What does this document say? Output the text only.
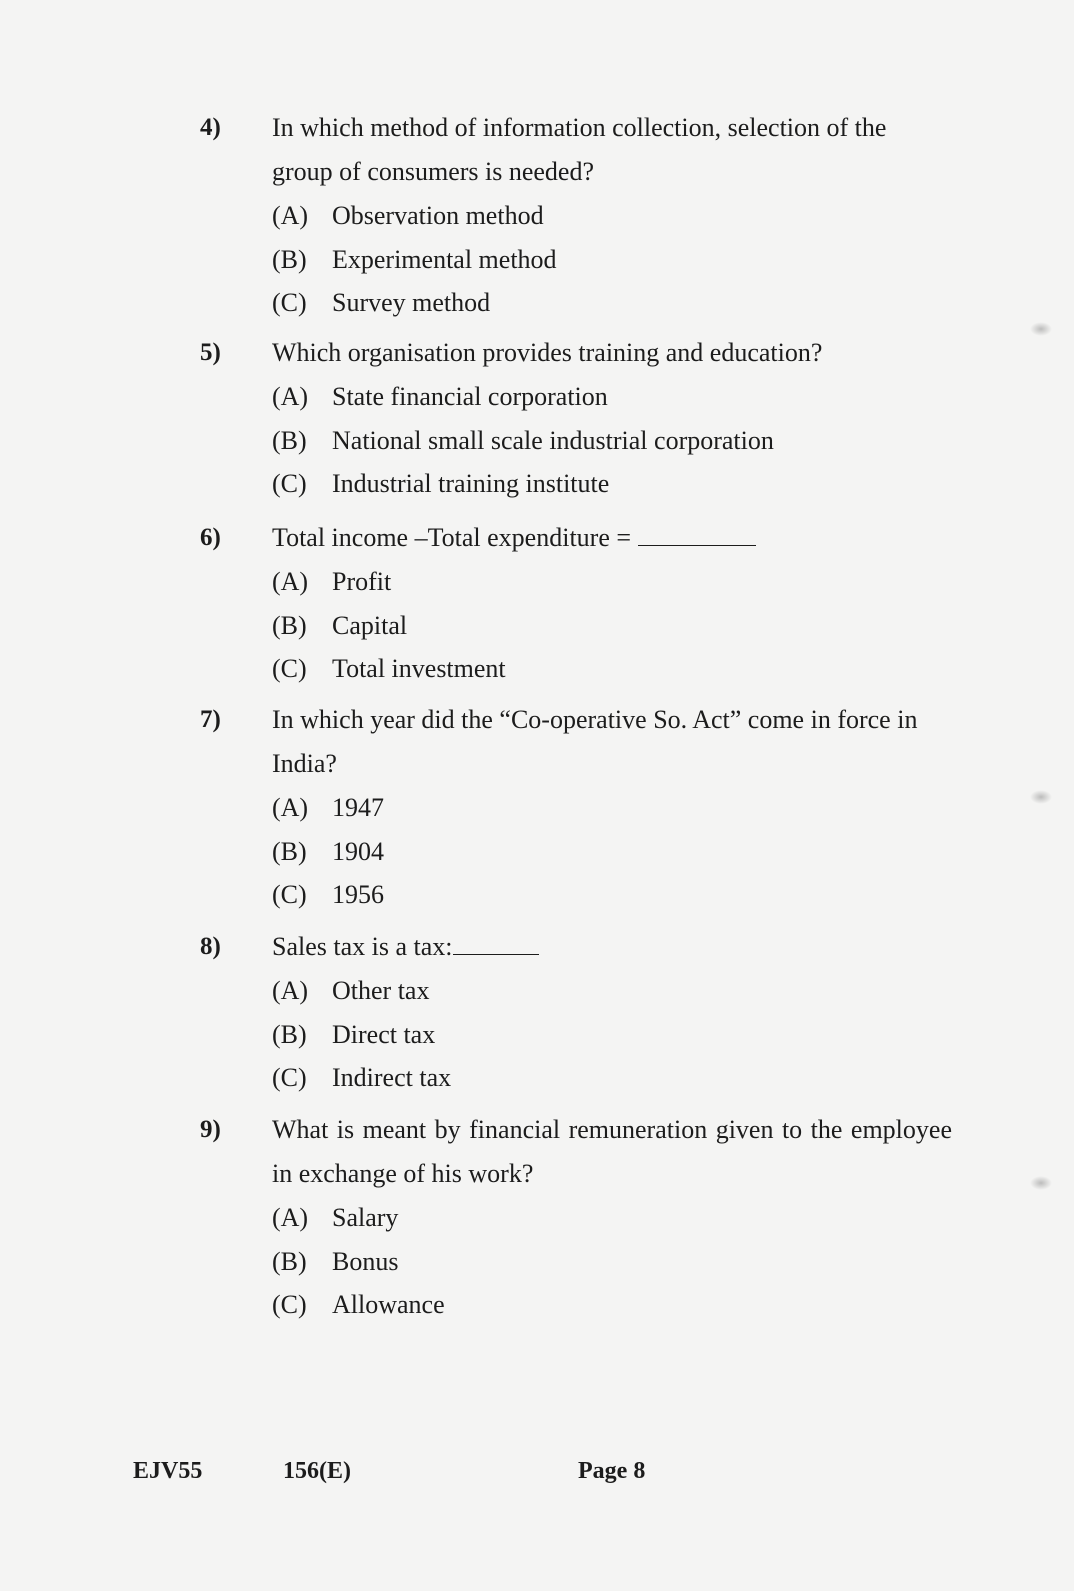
4) In which method of information collection, selection of the group of consumers is needed?
(A) Observation method
(B) Experimental method
(C) Survey method
5) Which organisation provides training and education?
(A) State financial corporation
(B) National small scale industrial corporation
(C) Industrial training institute
6) Total income –Total expenditure =
(A) Profit
(B) Capital
(C) Total investment
7) In which year did the “Co-operative So. Act” come in force in India?
(A) 1947
(B) 1904
(C) 1956
8) Sales tax is a tax:
(A) Other tax
(B) Direct tax
(C) Indirect tax
9) What is meant by financial remuneration given to the employee in exchange of his work?
(A) Salary
(B) Bonus
(C) Allowance
EJV55	156(E)	Page 8
